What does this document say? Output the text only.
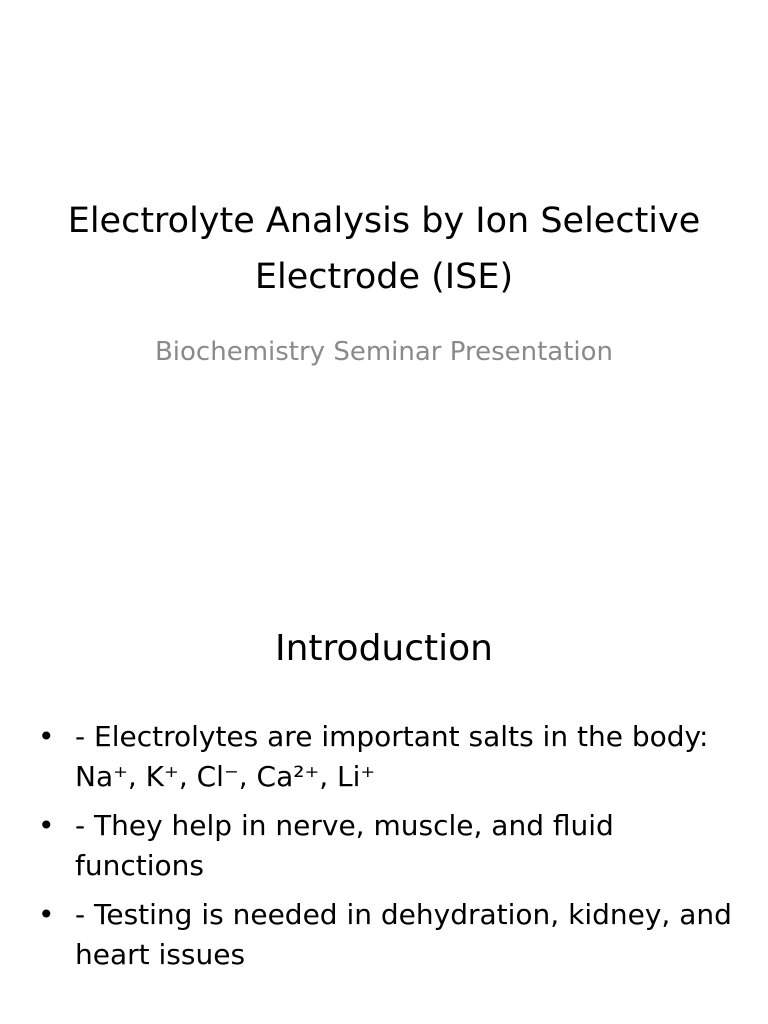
Electrolyte Analysis by Ion Selective Electrode (ISE)

Biochemistry Seminar Presentation

Introduction
• - Electrolytes are important salts in the body: Na⁺, K⁺, Cl⁻, Ca²⁺, Li⁺
• - They help in nerve, muscle, and fluid functions
• - Testing is needed in dehydration, kidney, and heart issues
